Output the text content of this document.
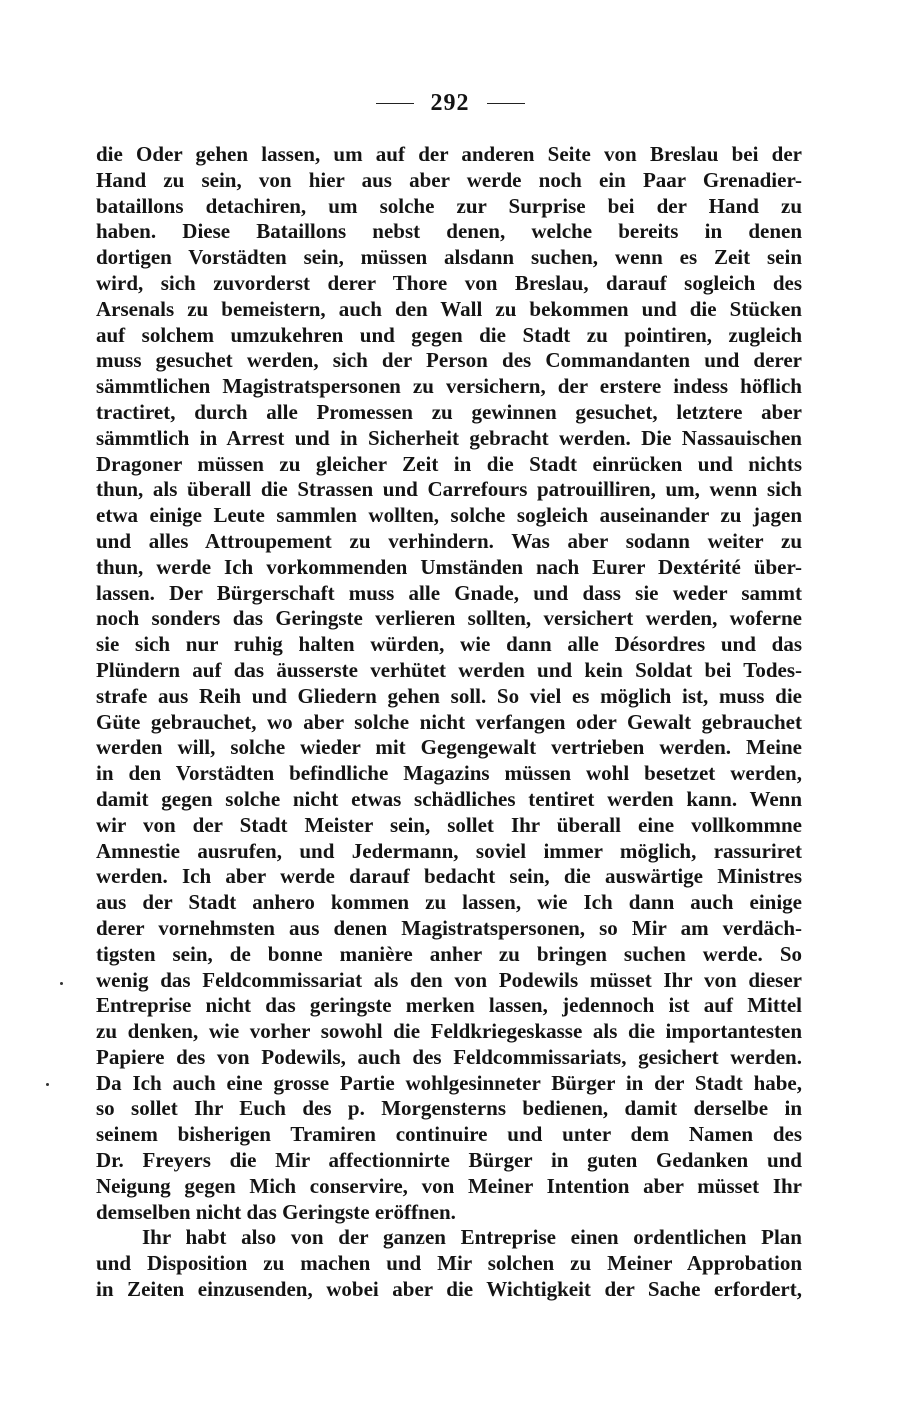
292
die Oder gehen lassen, um auf der anderen Seite von Breslau bei der
Hand zu sein, von hier aus aber werde noch ein Paar Grenadier-
bataillons detachiren, um solche zur Surprise bei der Hand zu
haben. Diese Bataillons nebst denen, welche bereits in denen
dortigen Vorstädten sein, müssen alsdann suchen, wenn es Zeit sein
wird, sich zuvorderst derer Thore von Breslau, darauf sogleich des
Arsenals zu bemeistern, auch den Wall zu bekommen und die Stücken
auf solchem umzukehren und gegen die Stadt zu pointiren, zugleich
muss gesuchet werden, sich der Person des Commandanten und derer
sämmtlichen Magistratspersonen zu versichern, der erstere indess höflich
tractiret, durch alle Promessen zu gewinnen gesuchet, letztere aber
sämmtlich in Arrest und in Sicherheit gebracht werden. Die Nassauischen
Dragoner müssen zu gleicher Zeit in die Stadt einrücken und nichts
thun, als überall die Strassen und Carrefours patrouilliren, um, wenn sich
etwa einige Leute sammlen wollten, solche sogleich auseinander zu jagen
und alles Attroupement zu verhindern. Was aber sodann weiter zu
thun, werde Ich vorkommenden Umständen nach Eurer Dextérité über-
lassen. Der Bürgerschaft muss alle Gnade, und dass sie weder sammt
noch sonders das Geringste verlieren sollten, versichert werden, woferne
sie sich nur ruhig halten würden, wie dann alle Désordres und das
Plündern auf das äusserste verhütet werden und kein Soldat bei Todes-
strafe aus Reih und Gliedern gehen soll. So viel es möglich ist, muss die
Güte gebrauchet, wo aber solche nicht verfangen oder Gewalt gebrauchet
werden will, solche wieder mit Gegengewalt vertrieben werden. Meine
in den Vorstädten befindliche Magazins müssen wohl besetzet werden,
damit gegen solche nicht etwas schädliches tentiret werden kann. Wenn
wir von der Stadt Meister sein, sollet Ihr überall eine vollkommne
Amnestie ausrufen, und Jedermann, soviel immer möglich, rassuriret
werden. Ich aber werde darauf bedacht sein, die auswärtige Ministres
aus der Stadt anhero kommen zu lassen, wie Ich dann auch einige
derer vornehmsten aus denen Magistratspersonen, so Mir am verdäch-
tigsten sein, de bonne manière anher zu bringen suchen werde. So
wenig das Feldcommissariat als den von Podewils müsset Ihr von dieser
Entreprise nicht das geringste merken lassen, jedennoch ist auf Mittel
zu denken, wie vorher sowohl die Feldkriegeskasse als die importantesten
Papiere des von Podewils, auch des Feldcommissariats, gesichert werden.
Da Ich auch eine grosse Partie wohlgesinneter Bürger in der Stadt habe,
so sollet Ihr Euch des p. Morgensterns bedienen, damit derselbe in
seinem bisherigen Tramiren continuire und unter dem Namen des
Dr. Freyers die Mir affectionnirte Bürger in guten Gedanken und
Neigung gegen Mich conservire, von Meiner Intention aber müsset Ihr
demselben nicht das Geringste eröffnen.
Ihr habt also von der ganzen Entreprise einen ordentlichen Plan
und Disposition zu machen und Mir solchen zu Meiner Approbation
in Zeiten einzusenden, wobei aber die Wichtigkeit der Sache erfordert,
